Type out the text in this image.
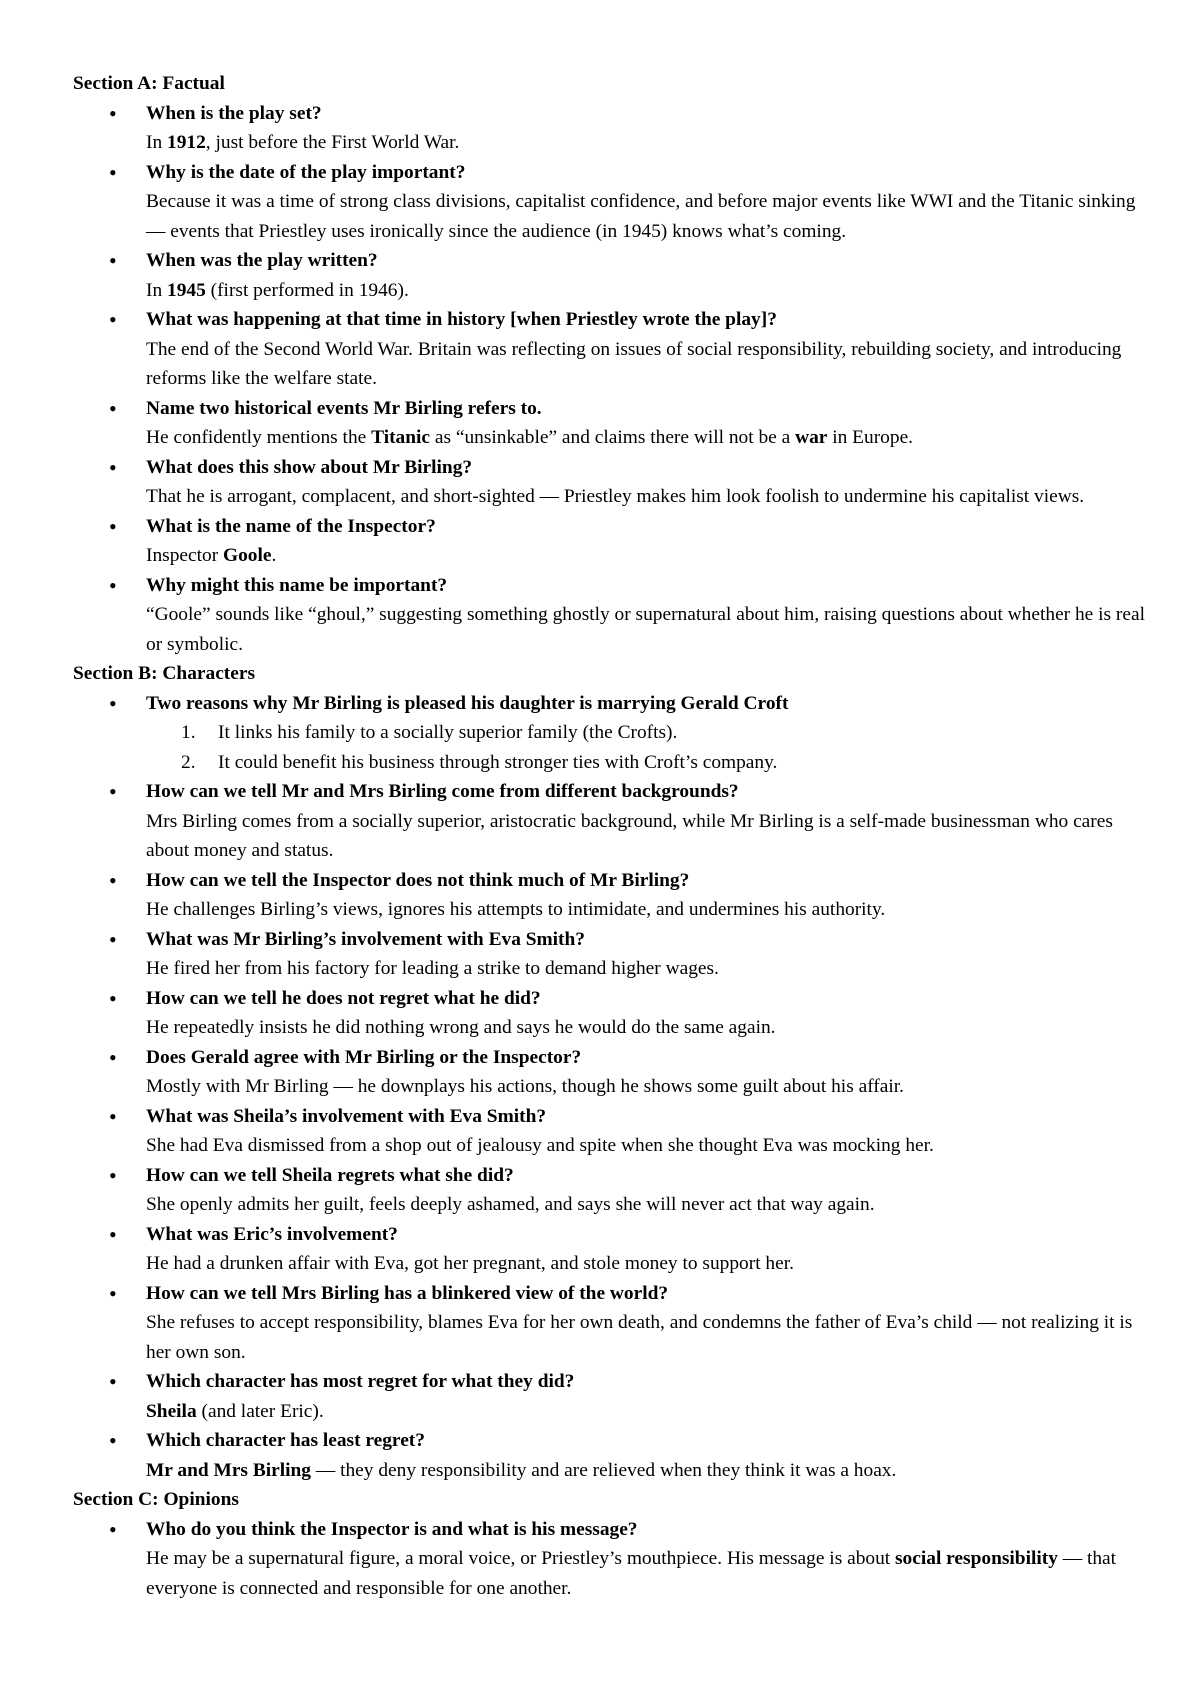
Section A: Factual

• When is the play set?

In 1912, just before the First World War.

• Why is the date of the play important?

Because it was a time of strong class divisions, capitalist confidence, and before major events like WWI and the Titanic sinking — events that Priestley uses ironically since the audience (in 1945) knows what’s coming.

• When was the play written?

In 1945 (first performed in 1946).

• What was happening at that time in history [when Priestley wrote the play]?

The end of the Second World War. Britain was reflecting on issues of social responsibility, rebuilding society, and introducing reforms like the welfare state.

• Name two historical events Mr Birling refers to.

He confidently mentions the Titanic as “unsinkable” and claims there will not be a war in Europe.

• What does this show about Mr Birling?

That he is arrogant, complacent, and short-sighted — Priestley makes him look foolish to undermine his capitalist views.

• What is the name of the Inspector?

Inspector Goole.

• Why might this name be important?

“Goole” sounds like “ghoul,” suggesting something ghostly or supernatural about him, raising questions about whether he is real or symbolic.

Section B: Characters

• Two reasons why Mr Birling is pleased his daughter is marrying Gerald Croft

1. It links his family to a socially superior family (the Crofts).
2. It could benefit his business through stronger ties with Croft’s company.

• How can we tell Mr and Mrs Birling come from different backgrounds?

Mrs Birling comes from a socially superior, aristocratic background, while Mr Birling is a self-made businessman who cares about money and status.

• How can we tell the Inspector does not think much of Mr Birling?

He challenges Birling’s views, ignores his attempts to intimidate, and undermines his authority.

• What was Mr Birling’s involvement with Eva Smith?

He fired her from his factory for leading a strike to demand higher wages.

• How can we tell he does not regret what he did?

He repeatedly insists he did nothing wrong and says he would do the same again.

• Does Gerald agree with Mr Birling or the Inspector?

Mostly with Mr Birling — he downplays his actions, though he shows some guilt about his affair.

• What was Sheila’s involvement with Eva Smith?

She had Eva dismissed from a shop out of jealousy and spite when she thought Eva was mocking her.

• How can we tell Sheila regrets what she did?

She openly admits her guilt, feels deeply ashamed, and says she will never act that way again.

• What was Eric’s involvement?

He had a drunken affair with Eva, got her pregnant, and stole money to support her.

• How can we tell Mrs Birling has a blinkered view of the world?

She refuses to accept responsibility, blames Eva for her own death, and condemns the father of Eva’s child — not realizing it is her own son.

• Which character has most regret for what they did?

Sheila (and later Eric).

• Which character has least regret?

Mr and Mrs Birling — they deny responsibility and are relieved when they think it was a hoax.

Section C: Opinions

• Who do you think the Inspector is and what is his message?

He may be a supernatural figure, a moral voice, or Priestley’s mouthpiece. His message is about social responsibility — that everyone is connected and responsible for one another.
